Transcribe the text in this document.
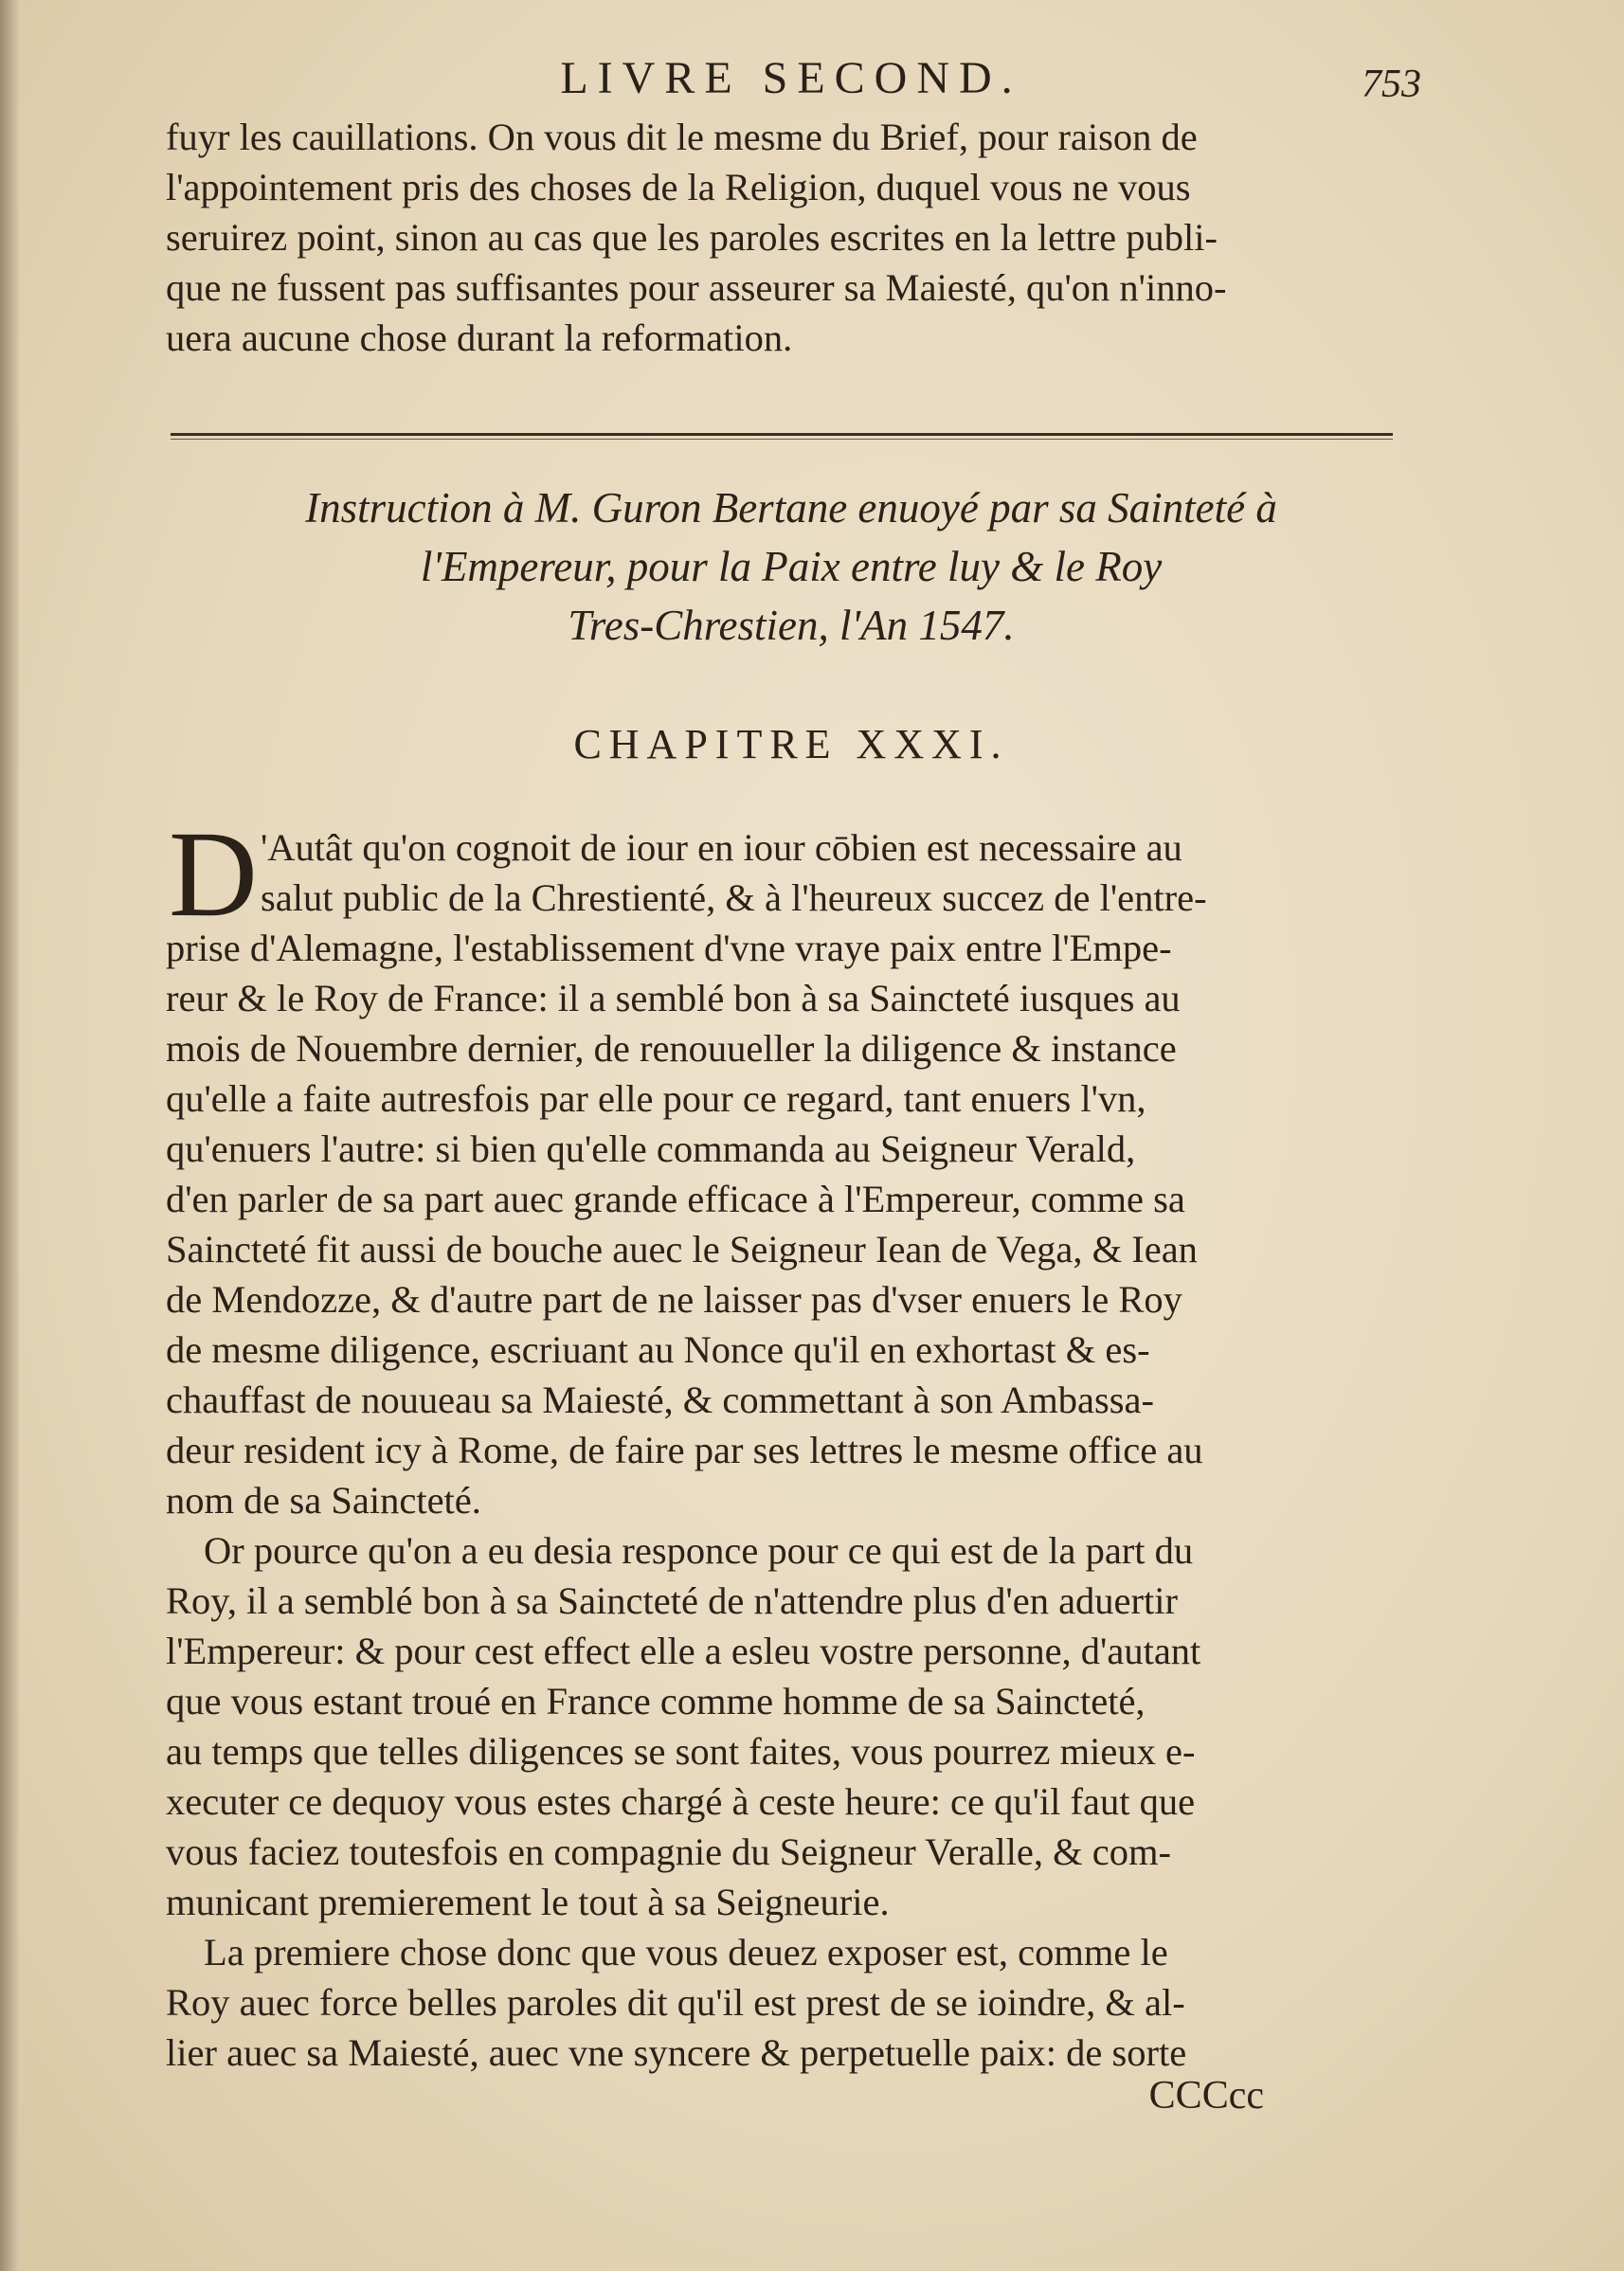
LIVRE SECOND.	753
fuyr les cauillations. On vous dit le mesme du Brief, pour raison de
l'appointement pris des choses de la Religion, duquel vous ne vous
seruirez point, sinon au cas que les paroles escrites en la lettre publi-
que ne fussent pas suffisantes pour asseurer sa Maiesté, qu'on n'inno-
uera aucune chose durant la reformation.
Instruction à M. Guron Bertane enuoyé par sa Sainteté à
l'Empereur, pour la Paix entre luy & le Roy
Tres-Chrestien, l'An 1547.
CHAPITRE XXXI.
D 'Autât qu'on cognoit de iour en iour cōbien est necessaire au
salut public de la Chrestienté, & à l'heureux succez de l'entre-
prise d'Alemagne, l'establissement d'vne vraye paix entre l'Empe-
reur & le Roy de France: il a semblé bon à sa Saincteté iusques au
mois de Nouembre dernier, de renouueller la diligence & instance
qu'elle a faite autresfois par elle pour ce regard, tant enuers l'vn,
qu'enuers l'autre: si bien qu'elle commanda au Seigneur Verald,
d'en parler de sa part auec grande efficace à l'Empereur, comme sa
Saincteté fit aussi de bouche auec le Seigneur Iean de Vega, & Iean
de Mendozze, & d'autre part de ne laisser pas d'vser enuers le Roy
de mesme diligence, escriuant au Nonce qu'il en exhortast & es-
chauffast de nouueau sa Maiesté, & commettant à son Ambassa-
deur resident icy à Rome, de faire par ses lettres le mesme office au
nom de sa Saincteté.
Or pource qu'on a eu desia responce pour ce qui est de la part du
Roy, il a semblé bon à sa Saincteté de n'attendre plus d'en aduertir
l'Empereur: & pour cest effect elle a esleu vostre personne, d'autant
que vous estant troué en France comme homme de sa Saincteté,
au temps que telles diligences se sont faites, vous pourrez mieux e-
xecuter ce dequoy vous estes chargé à ceste heure: ce qu'il faut que
vous faciez toutesfois en compagnie du Seigneur Veralle, & com-
municant premierement le tout à sa Seigneurie.
La premiere chose donc que vous deuez exposer est, comme le
Roy auec force belles paroles dit qu'il est prest de se ioindre, & al-
lier auec sa Maiesté, auec vne syncere & perpetuelle paix: de sorte
CCCcc
